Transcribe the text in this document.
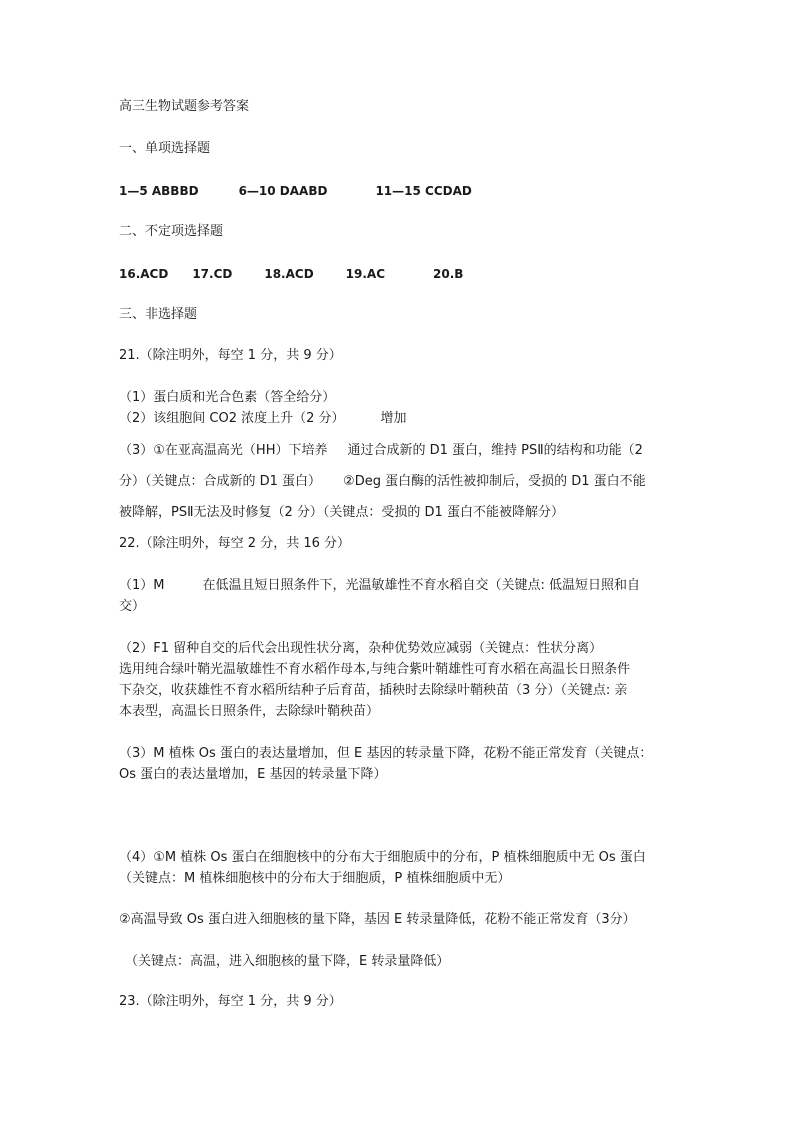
高三生物试题参考答案
一、单项选择题
1—5 ABBBD	6—10 DAABD	11—15 CCDAD
二、不定项选择题
16.ACD 17.CD	18.ACD	19.AC	20.B
三、非选择题
21.（除注明外，每空 1 分，共 9 分）
（1）蛋白质和光合色素（答全给分）
（2）该组胞间 CO2 浓度上升（2 分）	增加
（3）①在亚高温高光（HH）下培养 通过合成新的 D1 蛋白，维持 PSⅡ的结构和功能（2
分）（关键点：合成新的 D1 蛋白） ②Deg 蛋白酶的活性被抑制后，受损的 D1 蛋白不能
被降解，PSⅡ无法及时修复（2 分）（关键点：受损的 D1 蛋白不能被降解分）
22.（除注明外，每空 2 分，共 16 分）
（1）M	在低温且短日照条件下，光温敏雄性不育水稻自交（关键点: 低温短日照和自
交）
（2）F1 留种自交的后代会出现性状分离，杂种优势效应减弱（关键点：性状分离）
选用纯合绿叶鞘光温敏雄性不育水稻作母本,与纯合紫叶鞘雄性可育水稻在高温长日照条件
下杂交，收获雄性不育水稻所结种子后育苗，插秧时去除绿叶鞘秧苗（3 分）（关键点: 亲
本表型，高温长日照条件，去除绿叶鞘秧苗）
（3）M 植株 Os 蛋白的表达量增加，但 E 基因的转录量下降，花粉不能正常发育（关键点：
Os 蛋白的表达量增加，E 基因的转录量下降）
（4）①M 植株 Os 蛋白在细胞核中的分布大于细胞质中的分布，P 植株细胞质中无 Os 蛋白
（关键点：M 植株细胞核中的分布大于细胞质，P 植株细胞质中无）
②高温导致 Os 蛋白进入细胞核的量下降，基因 E 转录量降低，花粉不能正常发育（3分）
（关键点：高温，进入细胞核的量下降，E 转录量降低）
23.（除注明外，每空 1 分，共 9 分）
